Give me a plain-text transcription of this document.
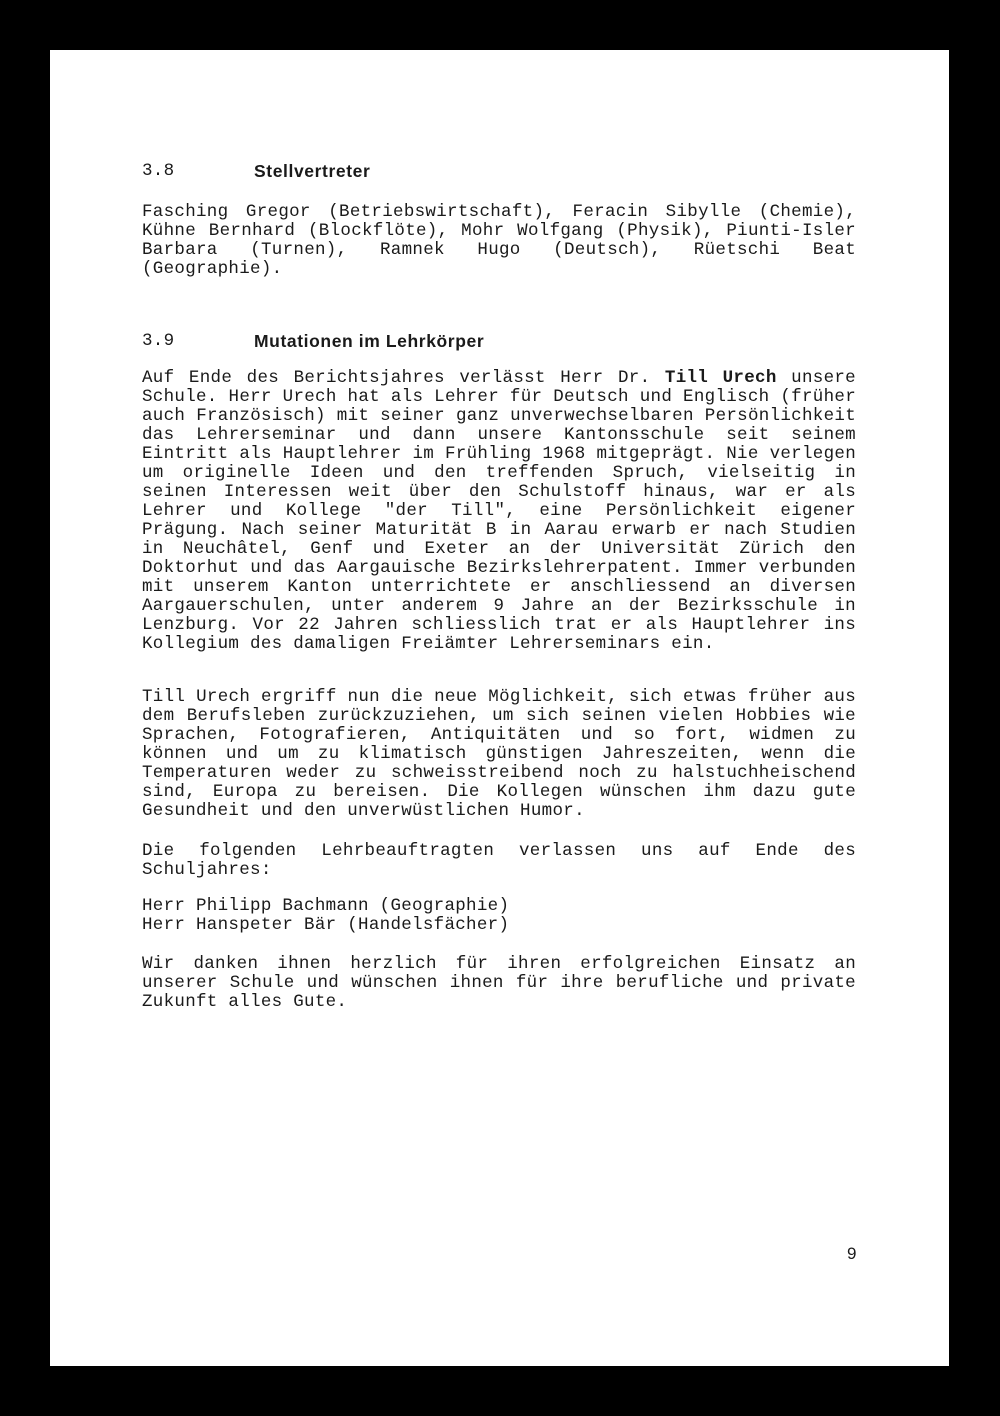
3.8	Stellvertreter

Fasching Gregor (Betriebswirtschaft), Feracin Sibylle (Chemie), Kühne Bernhard (Blockflöte), Mohr Wolfgang (Physik), Piunti-Isler Barbara (Turnen), Ramnek Hugo (Deutsch), Rüetschi Beat (Geographie).

3.9	Mutationen im Lehrkörper

Auf Ende des Berichtsjahres verlässt Herr Dr. Till Urech unsere Schule. Herr Urech hat als Lehrer für Deutsch und Englisch (früher auch Französisch) mit seiner ganz unverwechselbaren Persönlichkeit das Lehrerseminar und dann unsere Kantonsschule seit seinem Eintritt als Hauptlehrer im Frühling 1968 mitgeprägt. Nie verlegen um originelle Ideen und den treffenden Spruch, vielseitig in seinen Interessen weit über den Schulstoff hinaus, war er als Lehrer und Kollege "der Till", eine Persönlichkeit eigener Prägung. Nach seiner Maturität B in Aarau erwarb er nach Studien in Neuchâtel, Genf und Exeter an der Universität Zürich den Doktorhut und das Aargauische Bezirkslehrerpatent. Immer verbunden mit unserem Kanton unterrichtete er anschliessend an diversen Aargauerschulen, unter anderem 9 Jahre an der Bezirksschule in Lenzburg. Vor 22 Jahren schliesslich trat er als Hauptlehrer ins Kollegium des damaligen Freiämter Lehrerseminars ein.

Till Urech ergriff nun die neue Möglichkeit, sich etwas früher aus dem Berufsleben zurückzuziehen, um sich seinen vielen Hobbies wie Sprachen, Fotografieren, Antiquitäten und so fort, widmen zu können und um zu klimatisch günstigen Jahreszeiten, wenn die Temperaturen weder zu schweisstreibend noch zu halstuchheischend sind, Europa zu bereisen. Die Kollegen wünschen ihm dazu gute Gesundheit und den unverwüstlichen Humor.

Die folgenden Lehrbeauftragten verlassen uns auf Ende des Schuljahres:

Herr Philipp Bachmann (Geographie)
Herr Hanspeter Bär (Handelsfächer)

Wir danken ihnen herzlich für ihren erfolgreichen Einsatz an unserer Schule und wünschen ihnen für ihre berufliche und private Zukunft alles Gute.

9
